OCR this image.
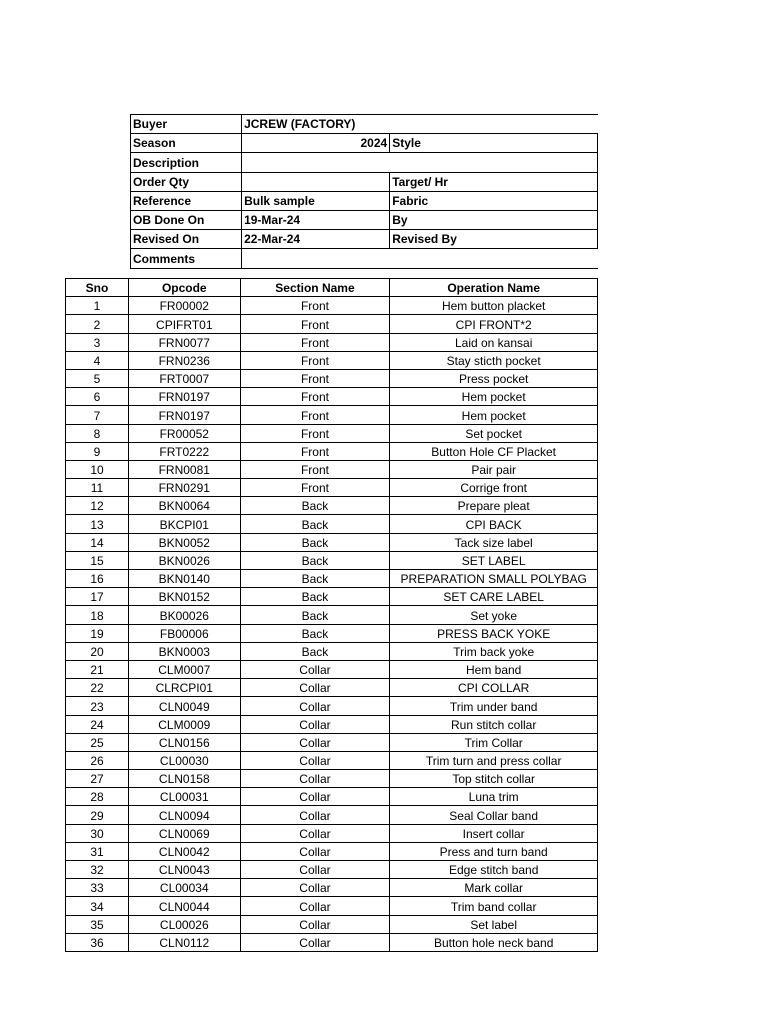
Buyer	JCREW (FACTORY)	
Season	2024	Style
Description		
Order Qty		Target/ Hr
Reference	Bulk sample	Fabric
OB Done On	19-Mar-24	By
Revised On	22-Mar-24	Revised By
Comments		
Sno	Opcode	Section Name	Operation Name
1	FR00002	Front	Hem button placket
2	CPIFRT01	Front	CPI FRONT*2
3	FRN0077	Front	Laid on kansai
4	FRN0236	Front	Stay sticth pocket
5	FRT0007	Front	Press pocket
6	FRN0197	Front	Hem pocket
7	FRN0197	Front	Hem pocket
8	FR00052	Front	Set pocket
9	FRT0222	Front	Button Hole CF Placket
10	FRN0081	Front	Pair pair
11	FRN0291	Front	Corrige front
12	BKN0064	Back	Prepare pleat
13	BKCPI01	Back	CPI BACK
14	BKN0052	Back	Tack size label
15	BKN0026	Back	SET LABEL
16	BKN0140	Back	PREPARATION SMALL POLYBAG
17	BKN0152	Back	SET CARE LABEL
18	BK00026	Back	Set yoke
19	FB00006	Back	PRESS BACK YOKE
20	BKN0003	Back	Trim back yoke
21	CLM0007	Collar	Hem band
22	CLRCPI01	Collar	CPI COLLAR
23	CLN0049	Collar	Trim under band
24	CLM0009	Collar	Run stitch collar
25	CLN0156	Collar	Trim Collar
26	CL00030	Collar	Trim turn and press collar
27	CLN0158	Collar	Top stitch collar
28	CL00031	Collar	Luna trim
29	CLN0094	Collar	Seal Collar band
30	CLN0069	Collar	Insert collar
31	CLN0042	Collar	Press and turn band
32	CLN0043	Collar	Edge stitch band
33	CL00034	Collar	Mark collar
34	CLN0044	Collar	Trim band collar
35	CL00026	Collar	Set label
36	CLN0112	Collar	Button hole neck band
